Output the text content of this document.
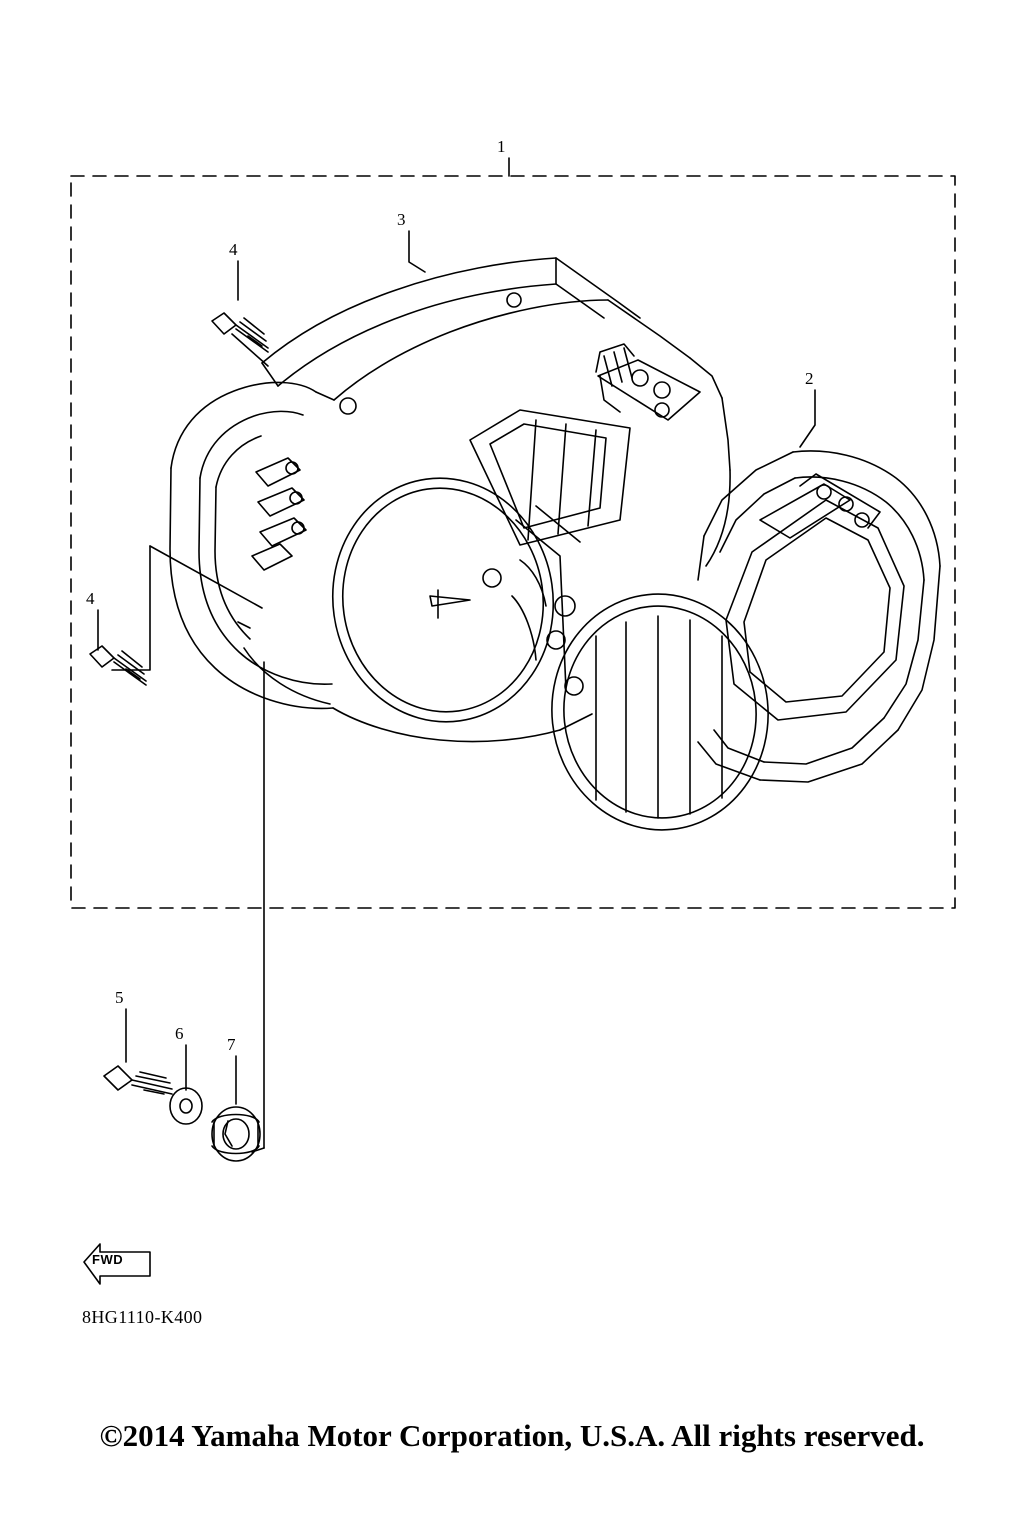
1
3
4
2
4
5
6
7
FWD
8HG1110-K400
©2014 Yamaha Motor Corporation, U.S.A. All rights reserved.
